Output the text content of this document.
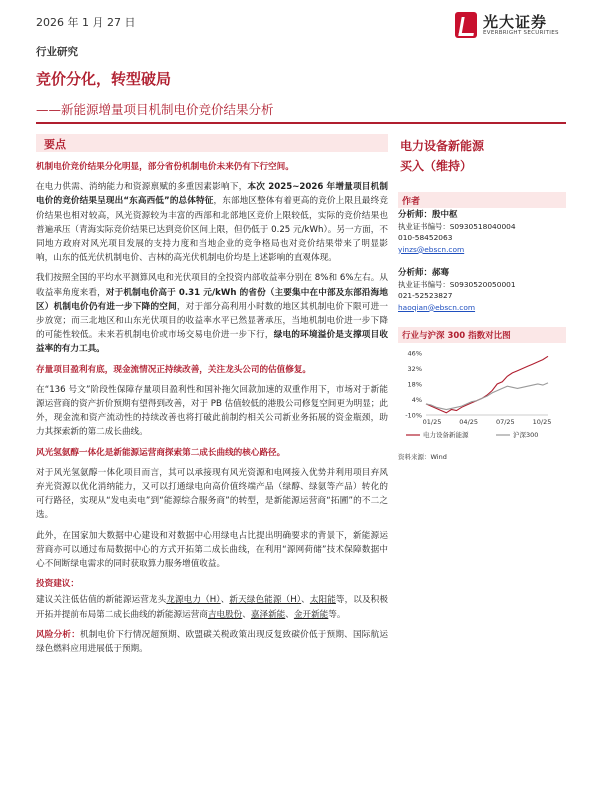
2026 年 1 月 27 日	光大证券
EVERBRIGHT SECURITIES
行业研究
竞价分化，转型破局
——新能源增量项目机制电价竞价结果分析
要点

机制电价竞价结果分化明显，部分省份机制电价未来仍有下行空间。

在电力供需、消纳能力和资源禀赋的多重因素影响下，本次 2025~2026 年增量项目机制电价的竞价结果呈现出“东高西低”的总体特征，东部地区整体有着更高的竞价上限且最终竞价结果也相对较高，风光资源较为丰富的西部和北部地区竞价上限较低，实际的竞价结果也普遍承压（青海实际竞价结果已达到竞价区间上限，但仍低于 0.25 元/kWh）。另一方面，不同地方政府对风光项目发展的支持力度和当地企业的竞争格局也对竞价结果带来了明显影响，山东的低光伏机制电价、吉林的高光伏机制电价均是上述影响的直观体现。

我们按照全国的平均水平测算风电和光伏项目的全投资内部收益率分别在 8%和 6%左右。从收益率角度来看，对于机制电价高于 0.31 元/kWh 的省份（主要集中在中部及东部沿海地区）机制电价仍有进一步下降的空间，对于部分高利用小时数的地区其机制电价下限可进一步放宽；而三北地区和山东光伏项目的收益率水平已然显著承压，当地机制电价进一步下降的可能性较低。未来若机制电价或市场交易电价进一步下行，绿电的环境溢价是支撑项目收益率的有力工具。

存量项目盈利有底，现金流情况正持续改善，关注龙头公司的估值修复。

在“136 号文”阶段性保障存量项目盈利性和国补拖欠回款加速的双重作用下，市场对于新能源运营商的资产折价预期有望得到改善，对于 PB 估值较低的港股公司修复空间更为明显；此外，现金流和资产流动性的持续改善也将打破此前制约相关公司新业务拓展的资金瓶颈，助力其探索新的第二成长曲线。

风光氢氨醇一体化是新能源运营商探索第二成长曲线的核心路径。

对于风光氢氨醇一体化项目而言，其可以承接现有风光资源和电网接入优势并利用项目弃风弃光资源以优化消纳能力，又可以打通绿电向高价值终端产品（绿醇、绿氨等产品）转化的可行路径，实现从“发电卖电”到“能源综合服务商”的转型，是新能源运营商“拓圃”的不二之选。

此外，在国家加大数据中心建设和对数据中心用绿电占比提出明确要求的背景下，新能源运营商亦可以通过布局数据中心的方式开拓第二成长曲线，在利用“源网荷储”技术保障数据中心不间断绿电需求的同时获取算力服务增值收益。

投资建议：

建议关注低估值的新能源运营龙头龙源电力（H）、新天绿色能源（H）、太阳能等，以及积极开拓并提前布局第二成长曲线的新能源运营商吉电股份、嘉泽新能、金开新能等。

风险分析：机制电价下行情况超预期、欧盟碳关税政策出现反复致碳价低于预期、国际航运绿色燃料应用进展低于预期。

电力设备新能源
买入（维持）
作者
分析师：殷中枢
执业证书编号：S0930518040004
010-58452063
yinzs@ebscn.com
分析师：郝骞
执业证书编号：S0930520050001
021-52523827
haoqian@ebscn.com
行业与沪深 300 指数对比图
46%
32%
18%
4%
-10%
01/25	04/25	07/25	10/25
电力设备新能源	沪深300
资料来源：Wind
